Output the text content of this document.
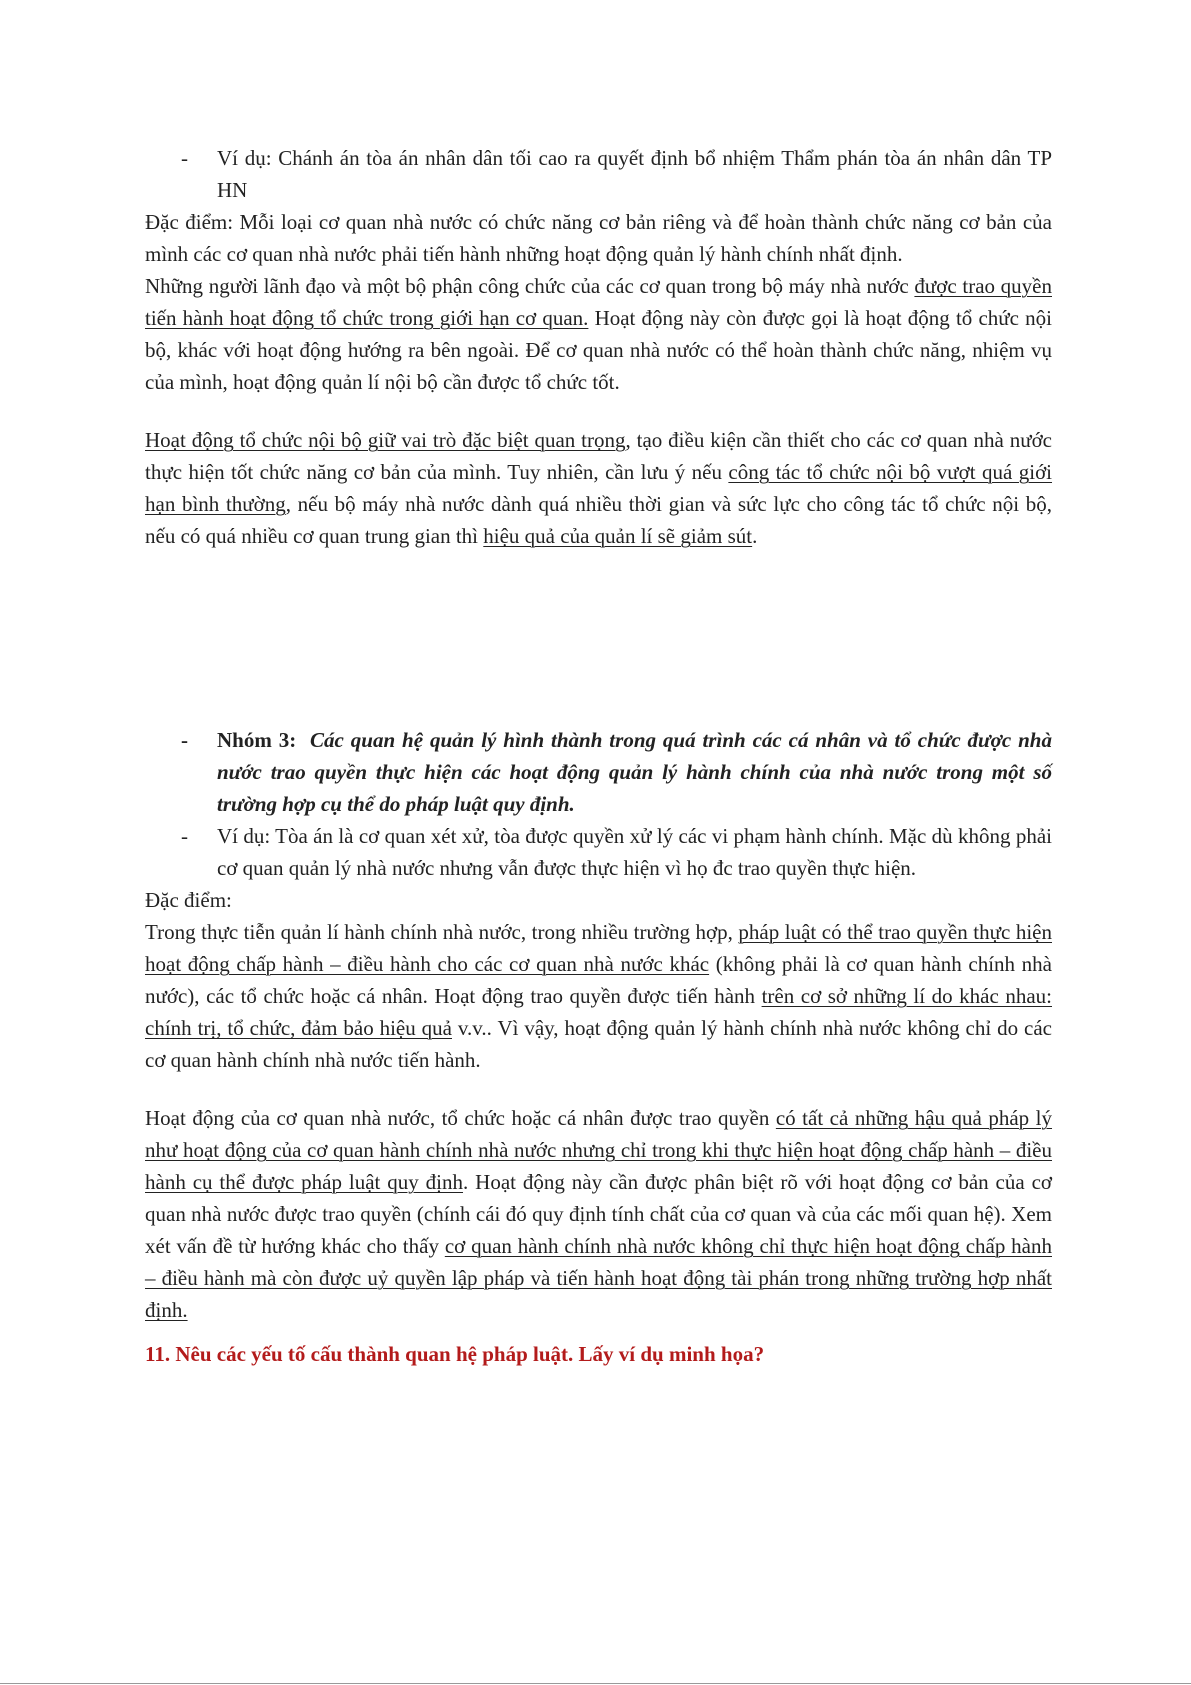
- Ví dụ: Chánh án tòa án nhân dân tối cao ra quyết định bổ nhiệm Thẩm phán tòa án nhân dân TP HN

Đặc điểm: Mỗi loại cơ quan nhà nước có chức năng cơ bản riêng và để hoàn thành chức năng cơ bản của mình các cơ quan nhà nước phải tiến hành những hoạt động quản lý hành chính nhất định.

Những người lãnh đạo và một bộ phận công chức của các cơ quan trong bộ máy nhà nước được trao quyền tiến hành hoạt động tổ chức trong giới hạn cơ quan. Hoạt động này còn được gọi là hoạt động tổ chức nội bộ, khác với hoạt động hướng ra bên ngoài. Để cơ quan nhà nước có thể hoàn thành chức năng, nhiệm vụ của mình, hoạt động quản lí nội bộ cần được tổ chức tốt.

Hoạt động tổ chức nội bộ giữ vai trò đặc biệt quan trọng, tạo điều kiện cần thiết cho các cơ quan nhà nước thực hiện tốt chức năng cơ bản của mình. Tuy nhiên, cần lưu ý nếu công tác tổ chức nội bộ vượt quá giới hạn bình thường, nếu bộ máy nhà nước dành quá nhiều thời gian và sức lực cho công tác tổ chức nội bộ, nếu có quá nhiều cơ quan trung gian thì hiệu quả của quản lí sẽ giảm sút.

- Nhóm 3: Các quan hệ quản lý hình thành trong quá trình các cá nhân và tổ chức được nhà nước trao quyền thực hiện các hoạt động quản lý hành chính của nhà nước trong một số trường hợp cụ thể do pháp luật quy định.

- Ví dụ: Tòa án là cơ quan xét xử, tòa được quyền xử lý các vi phạm hành chính. Mặc dù không phải cơ quan quản lý nhà nước nhưng vẫn được thực hiện vì họ đc trao quyền thực hiện.

Đặc điểm:

Trong thực tiễn quản lí hành chính nhà nước, trong nhiều trường hợp, pháp luật có thể trao quyền thực hiện hoạt động chấp hành – điều hành cho các cơ quan nhà nước khác (không phải là cơ quan hành chính nhà nước), các tổ chức hoặc cá nhân. Hoạt động trao quyền được tiến hành trên cơ sở những lí do khác nhau: chính trị, tổ chức, đảm bảo hiệu quả v.v.. Vì vậy, hoạt động quản lý hành chính nhà nước không chỉ do các cơ quan hành chính nhà nước tiến hành.

Hoạt động của cơ quan nhà nước, tổ chức hoặc cá nhân được trao quyền có tất cả những hậu quả pháp lý như hoạt động của cơ quan hành chính nhà nước nhưng chỉ trong khi thực hiện hoạt động chấp hành – điều hành cụ thể được pháp luật quy định. Hoạt động này cần được phân biệt rõ với hoạt động cơ bản của cơ quan nhà nước được trao quyền (chính cái đó quy định tính chất của cơ quan và của các mối quan hệ). Xem xét vấn đề từ hướng khác cho thấy cơ quan hành chính nhà nước không chỉ thực hiện hoạt động chấp hành – điều hành mà còn được uỷ quyền lập pháp và tiến hành hoạt động tài phán trong những trường hợp nhất định.

11. Nêu các yếu tố cấu thành quan hệ pháp luật. Lấy ví dụ minh họa?
